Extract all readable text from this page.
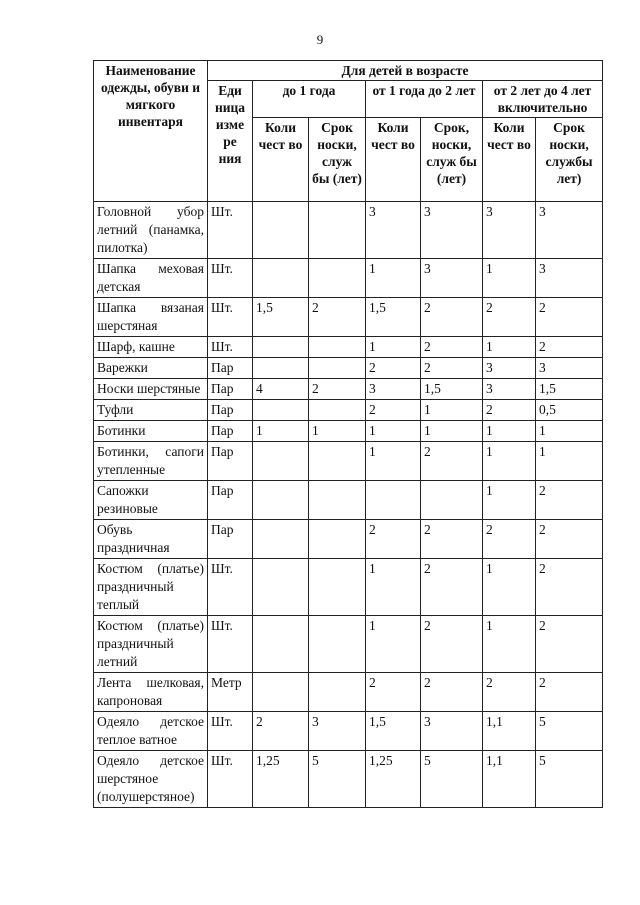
9
Наименование одежды, обуви и мягкого инвентаря	Для детей в возрасте						
	Еди ница изме ре ния	до 1 года		от 1 года до 2 лет		от 2 лет до 4 лет включительно	
		Коли чест во	Срок носки, служ бы (лет)	Коли чест во	Срок, носки, служ бы (лет)	Коли чест во	Срок носки, службы лет)
Головной убор летний (панамка, пилотка)	Шт.			3	3	3	3
Шапка меховая детская	Шт.			1	3	1	3
Шапка вязаная шерстяная	Шт.	1,5	2	1,5	2	2	2
Шарф, кашне	Шт.			1	2	1	2
Варежки	Пар			2	2	3	3
Носки шерстяные	Пар	4	2	3	1,5	3	1,5
Туфли	Пар			2	1	2	0,5
Ботинки	Пар	1	1	1	1	1	1
Ботинки, сапоги утепленные	Пар			1	2	1	1
Сапожки резиновые	Пар					1	2
Обувь праздничная	Пар			2	2	2	2
Костюм (платье) праздничный теплый	Шт.			1	2	1	2
Костюм (платье) праздничный летний	Шт.			1	2	1	2
Лента шелковая, капроновая	Метр			2	2	2	2
Одеяло детское теплое ватное	Шт.	2	3	1,5	3	1,1	5
Одеяло детское шерстяное (полушерстяное)	Шт.	1,25	5	1,25	5	1,1	5
